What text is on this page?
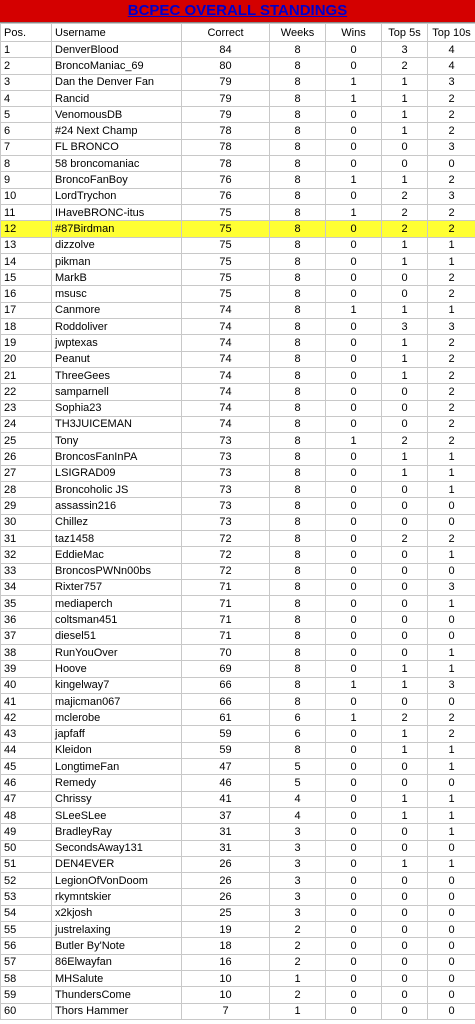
BCPEC OVERALL STANDINGS
Pos.	Username	Correct	Weeks	Wins	Top 5s	Top 10s
1	DenverBlood	84	8	0	3	4
2	BroncoManiac_69	80	8	0	2	4
3	Dan the Denver Fan	79	8	1	1	3
4	Rancid	79	8	1	1	2
5	VenomousDB	79	8	0	1	2
6	#24 Next Champ	78	8	0	1	2
7	FL BRONCO	78	8	0	0	3
8	58 broncomaniac	78	8	0	0	0
9	BroncoFanBoy	76	8	1	1	2
10	LordTrychon	76	8	0	2	3
11	IHaveBRONC-itus	75	8	1	2	2
12	#87Birdman	75	8	0	2	2
13	dizzolve	75	8	0	1	1
14	pikman	75	8	0	1	1
15	MarkB	75	8	0	0	2
16	msusc	75	8	0	0	2
17	Canmore	74	8	1	1	1
18	Roddoliver	74	8	0	3	3
19	jwptexas	74	8	0	1	2
20	Peanut	74	8	0	1	2
21	ThreeGees	74	8	0	1	2
22	samparnell	74	8	0	0	2
23	Sophia23	74	8	0	0	2
24	TH3JUICEMAN	74	8	0	0	2
25	Tony	73	8	1	2	2
26	BroncosFanInPA	73	8	0	1	1
27	LSIGRAD09	73	8	0	1	1
28	Broncoholic JS	73	8	0	0	1
29	assassin216	73	8	0	0	0
30	Chillez	73	8	0	0	0
31	taz1458	72	8	0	2	2
32	EddieMac	72	8	0	0	1
33	BroncosPWNn00bs	72	8	0	0	0
34	Rixter757	71	8	0	0	3
35	mediaperch	71	8	0	0	1
36	coltsman451	71	8	0	0	0
37	diesel51	71	8	0	0	0
38	RunYouOver	70	8	0	0	1
39	Hoove	69	8	0	1	1
40	kingelway7	66	8	1	1	3
41	majicman067	66	8	0	0	0
42	mclerobe	61	6	1	2	2
43	japfaff	59	6	0	1	2
44	Kleidon	59	8	0	1	1
45	LongtimeFan	47	5	0	0	1
46	Remedy	46	5	0	0	0
47	Chrissy	41	4	0	1	1
48	SLeeSLee	37	4	0	1	1
49	BradleyRay	31	3	0	0	1
50	SecondsAway131	31	3	0	0	0
51	DEN4EVER	26	3	0	1	1
52	LegionOfVonDoom	26	3	0	0	0
53	rkymntskier	26	3	0	0	0
54	x2kjosh	25	3	0	0	0
55	justrelaxing	19	2	0	0	0
56	Butler By'Note	18	2	0	0	0
57	86Elwayfan	16	2	0	0	0
58	MHSalute	10	1	0	0	0
59	ThundersCome	10	2	0	0	0
60	Thors Hammer	7	1	0	0	0
